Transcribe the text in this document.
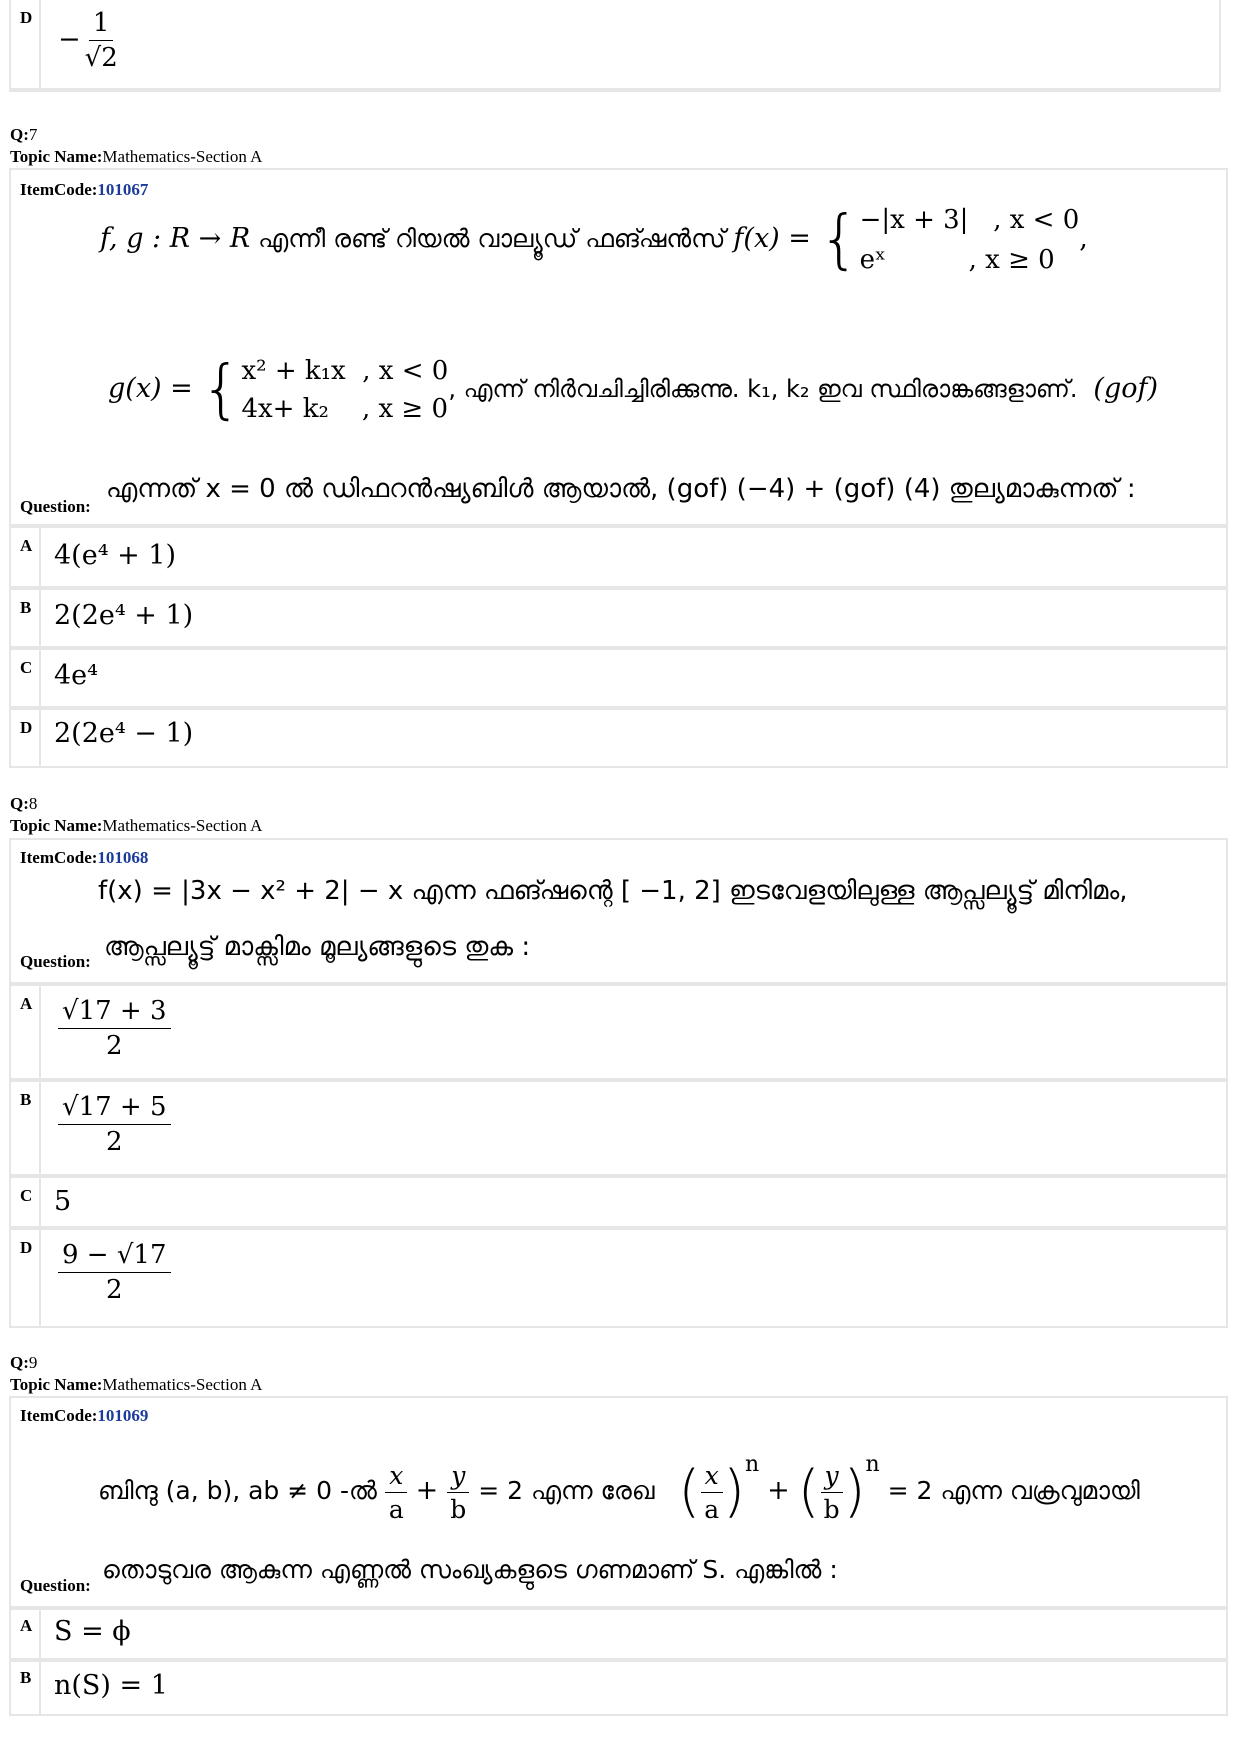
D
− $\frac{1}{√2}$
Q:7
Topic Name:Mathematics-Section A
ItemCode:101067
f, g : R → R എന്നീ രണ്ട് റിയൽ വാല്യൂഡ് ഫങ്ഷൻസ് f(x) = { −|x + 3| , x < 0
eˣ	, x ≥ 0
,
g(x) = { x² + k₁x , x < 0
4x+ k₂ , x ≥ 0
, എന്ന് നിർവചിച്ചിരിക്കുന്നു. k₁, k₂ ഇവ സ്ഥിരാങ്കങ്ങളാണ്. (gof)
എന്നത് x = 0 ൽ ഡിഫറൻഷ്യബിൾ ആയാൽ, (gof) (−4) + (gof) (4) തുല്യമാകുന്നത് :
Question:
A 4(e⁴ + 1)
B 2(2e⁴ + 1)
C 4e⁴
D 2(2e⁴ − 1)
Q:8
Topic Name:Mathematics-Section A
ItemCode:101068
f(x) = |3x − x² + 2| − x എന്ന ഫങ്ഷന്റെ [ −1, 2] ഇടവേളയിലുള്ള ആപ്സല്യൂട്ട് മിനിമം,
ആപ്സല്യൂട്ട് മാക്സിമം മൂല്യങ്ങളുടെ തുക :
Question:
A $\frac{√17 + 3}{2}$
B $\frac{√17 + 5}{2}$
C 5
D $\frac{9 - √17}{2}$
Q:9
Topic Name:Mathematics-Section A
ItemCode:101069
ബിന്ദു (a, b), ab ≠ 0 -ൽ $\frac{x}{a} + \frac{y}{b} = 2$ എന്ന രേഖ ( $\frac{x}{a} )^n$ + ( $\frac{y}{b} )^n = 2$ എന്ന വക്രവുമായി
തൊടുവര ആകുന്ന എണ്ണൽ സംഖ്യകളുടെ ഗണമാണ് S. എങ്കിൽ :
Question:
A S = ϕ
B n(S) = 1
